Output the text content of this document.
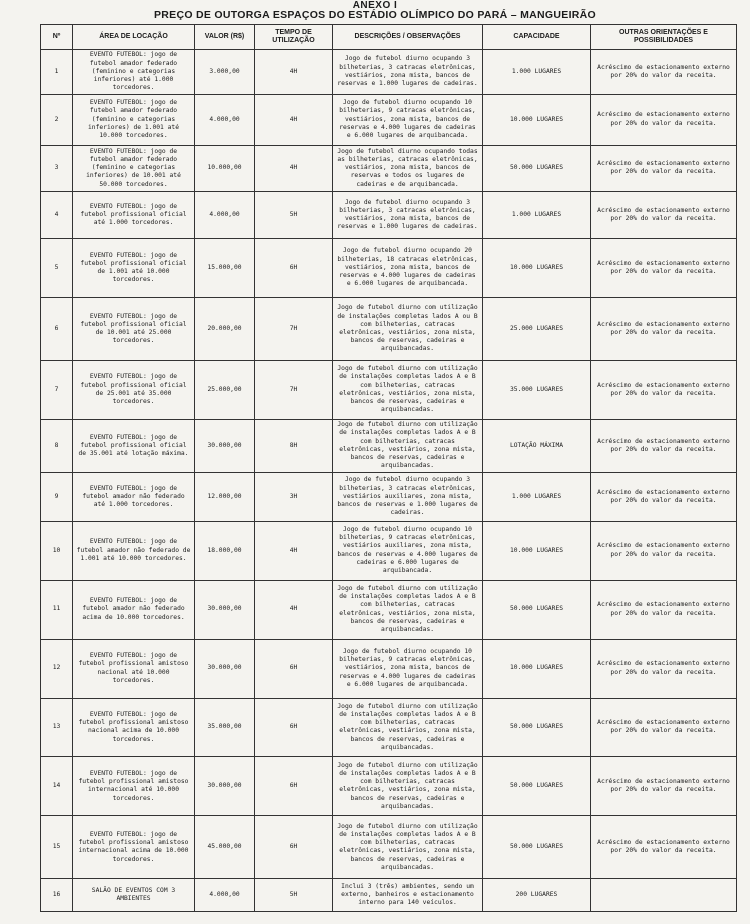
ANEXO I
PREÇO DE OUTORGA ESPAÇOS DO ESTÁDIO OLÍMPICO DO PARÁ – MANGUEIRÃO
Nº	ÁREA DE LOCAÇÃO	VALOR (R$)	TEMPO DE UTILIZAÇÃO	DESCRIÇÕES / OBSERVAÇÕES	CAPACIDADE	OUTRAS ORIENTAÇÕES E POSSIBILIDADES
1	EVENTO FUTEBOL: jogo de futebol amador federado (feminino e categorias inferiores) até 1.000 torcedores.	3.000,00	4H	Jogo de futebol diurno ocupando 3 bilheterias, 3 catracas eletrônicas, vestiários, zona mista, bancos de reservas e 1.000 lugares de cadeiras.	1.000 LUGARES	Acréscimo de estacionamento externo por 20% do valor da receita.
2	EVENTO FUTEBOL: jogo de futebol amador federado (feminino e categorias inferiores) de 1.001 até 10.000 torcedores.	4.000,00	4H	Jogo de futebol diurno ocupando 10 bilheterias, 9 catracas eletrônicas, vestiários, zona mista, bancos de reservas e 4.000 lugares de cadeiras e 6.000 lugares de arquibancada.	10.000 LUGARES	Acréscimo de estacionamento externo por 20% do valor da receita.
3	EVENTO FUTEBOL: jogo de futebol amador federado (feminino e categorias inferiores) de 10.001 até 50.000 torcedores.	10.000,00	4H	Jogo de futebol diurno ocupando todas as bilheterias, catracas eletrônicas, vestiários, zona mista, bancos de reservas e todos os lugares de cadeiras e de arquibancada.	50.000 LUGARES	Acréscimo de estacionamento externo por 20% do valor da receita.
4	EVENTO FUTEBOL: jogo de futebol profissional oficial até 1.000 torcedores.	4.000,00	5H	Jogo de futebol diurno ocupando 3 bilheterias, 3 catracas eletrônicas, vestiários, zona mista, bancos de reservas e 1.000 lugares de cadeiras.	1.000 LUGARES	Acréscimo de estacionamento externo por 20% do valor da receita.
5	EVENTO FUTEBOL: jogo de futebol profissional oficial de 1.001 até 10.000 torcedores.	15.000,00	6H	Jogo de futebol diurno ocupando 20 bilheterias, 18 catracas eletrônicas, vestiários, zona mista, bancos de reservas e 4.000 lugares de cadeiras e 6.000 lugares de arquibancada.	10.000 LUGARES	Acréscimo de estacionamento externo por 20% do valor da receita.
6	EVENTO FUTEBOL: jogo de futebol profissional oficial de 10.001 até 25.000 torcedores.	20.000,00	7H	Jogo de futebol diurno com utilização de instalações completas lados A ou B com bilheterias, catracas eletrônicas, vestiários, zona mista, bancos de reservas, cadeiras e arquibancadas.	25.000 LUGARES	Acréscimo de estacionamento externo por 20% do valor da receita.
7	EVENTO FUTEBOL: jogo de futebol profissional oficial de 25.001 até 35.000 torcedores.	25.000,00	7H	Jogo de futebol diurno com utilização de instalações completas lados A e B com bilheterias, catracas eletrônicas, vestiários, zona mista, bancos de reservas, cadeiras e arquibancadas.	35.000 LUGARES	Acréscimo de estacionamento externo por 20% do valor da receita.
8	EVENTO FUTEBOL: jogo de futebol profissional oficial de 35.001 até lotação máxima.	30.000,00	8H	Jogo de futebol diurno com utilização de instalações completas lados A e B com bilheterias, catracas eletrônicas, vestiários, zona mista, bancos de reservas, cadeiras e arquibancadas.	LOTAÇÃO MÁXIMA	Acréscimo de estacionamento externo por 20% do valor da receita.
9	EVENTO FUTEBOL: jogo de futebol amador não federado até 1.000 torcedores.	12.000,00	3H	Jogo de futebol diurno ocupando 3 bilheterias, 3 catracas eletrônicas, vestiários auxiliares, zona mista, bancos de reservas e 1.000 lugares de cadeiras.	1.000 LUGARES	Acréscimo de estacionamento externo por 20% do valor da receita.
10	EVENTO FUTEBOL: jogo de futebol amador não federado de 1.001 até 10.000 torcedores.	18.000,00	4H	Jogo de futebol diurno ocupando 10 bilheterias, 9 catracas eletrônicas, vestiários auxiliares, zona mista, bancos de reservas e 4.000 lugares de cadeiras e 6.000 lugares de arquibancada.	10.000 LUGARES	Acréscimo de estacionamento externo por 20% do valor da receita.
11	EVENTO FUTEBOL: jogo de futebol amador não federado acima de 10.000 torcedores.	30.000,00	4H	Jogo de futebol diurno com utilização de instalações completas lados A e B com bilheterias, catracas eletrônicas, vestiários, zona mista, bancos de reservas, cadeiras e arquibancadas.	50.000 LUGARES	Acréscimo de estacionamento externo por 20% do valor da receita.
12	EVENTO FUTEBOL: jogo de futebol profissional amistoso nacional até 10.000 torcedores.	30.000,00	6H	Jogo de futebol diurno ocupando 10 bilheterias, 9 catracas eletrônicas, vestiários, zona mista, bancos de reservas e 4.000 lugares de cadeiras e 6.000 lugares de arquibancada.	10.000 LUGARES	Acréscimo de estacionamento externo por 20% do valor da receita.
13	EVENTO FUTEBOL: jogo de futebol profissional amistoso nacional acima de 10.000 torcedores.	35.000,00	6H	Jogo de futebol diurno com utilização de instalações completas lados A e B com bilheterias, catracas eletrônicas, vestiários, zona mista, bancos de reservas, cadeiras e arquibancadas.	50.000 LUGARES	Acréscimo de estacionamento externo por 20% do valor da receita.
14	EVENTO FUTEBOL: jogo de futebol profissional amistoso internacional até 10.000 torcedores.	30.000,00	6H	Jogo de futebol diurno com utilização de instalações completas lados A e B com bilheterias, catracas eletrônicas, vestiários, zona mista, bancos de reservas, cadeiras e arquibancadas.	50.000 LUGARES	Acréscimo de estacionamento externo por 20% do valor da receita.
15	EVENTO FUTEBOL: jogo de futebol profissional amistoso internacional acima de 10.000 torcedores.	45.000,00	6H	Jogo de futebol diurno com utilização de instalações completas lados A e B com bilheterias, catracas eletrônicas, vestiários, zona mista, bancos de reservas, cadeiras e arquibancadas.	50.000 LUGARES	Acréscimo de estacionamento externo por 20% do valor da receita.
16	SALÃO DE EVENTOS COM 3 AMBIENTES	4.000,00	5H	Inclui 3 (três) ambientes, sendo um externo, banheiros e estacionamento interno para 140 veículos.	200 LUGARES	
